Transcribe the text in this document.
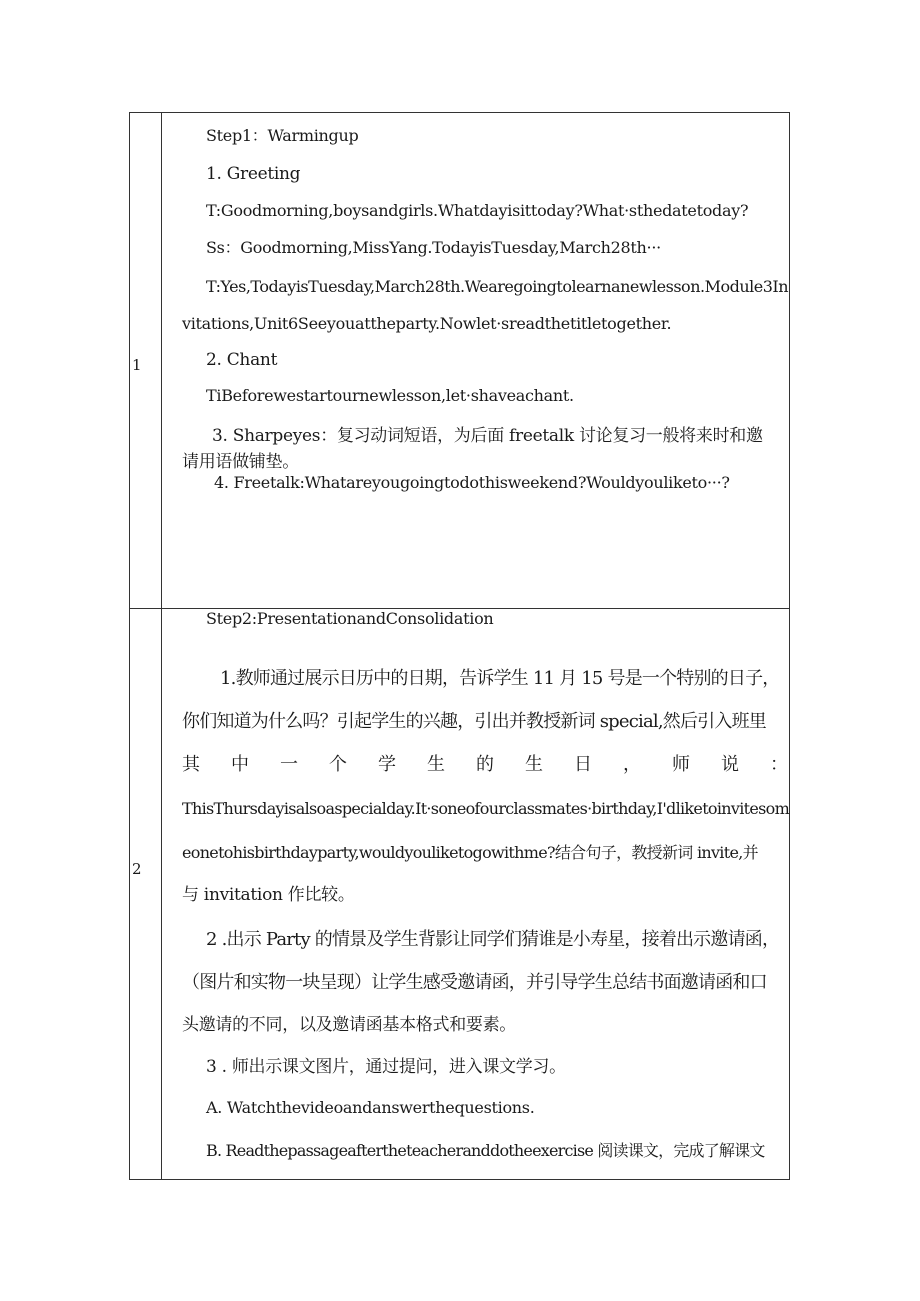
1
2
Step1：Warmingup
1. Greeting
T:Goodmorning,boysandgirls.Whatdayisittoday?What·sthedatetoday?
Ss：Goodmorning,MissYang.TodayisTuesday,March28th···
T:Yes,TodayisTuesday,March28th.Wearegoingtolearnanewlesson.Module3In
vitations,Unit6Seeyouattheparty.Nowlet·sreadthetitletogether.
2. Chant
TiBeforewestartournewlesson,let·shaveachant.
3. Sharpeyes：复习动词短语，为后面 freetalk 讨论复习一般将来时和邀
请用语做铺垫。
4. Freetalk:Whatareyougoingtodothisweekend?Wouldyouliketo···?
Step2:PresentationandConsolidation
1.教师通过展示日历中的日期，告诉学生 11 月 15 号是一个特别的日子，
你们知道为什么吗？引起学生的兴趣，引出并教授新词 special,然后引入班里
其 中 一 个 学 生 的 生 日 ， 师 说 ：
ThisThursdayisalsoaspecialday.It·soneofourclassmates·birthday,I'dliketoinvitesom
eonetohisbirthdayparty,wouldyouliketogowithme?结合句子，教授新词 invite,并
与 invitation 作比较。
2 .出示 Party 的情景及学生背影让同学们猜谁是小寿星，接着出示邀请函，
（图片和实物一块呈现）让学生感受邀请函，并引导学生总结书面邀请函和口
头邀请的不同，以及邀请函基本格式和要素。
3 . 师出示课文图片，通过提问，进入课文学习。
A. Watchthevideoandanswerthequestions.
B. Readthepassageaftertheteacheranddotheexercise 阅读课文，完成了解课文
